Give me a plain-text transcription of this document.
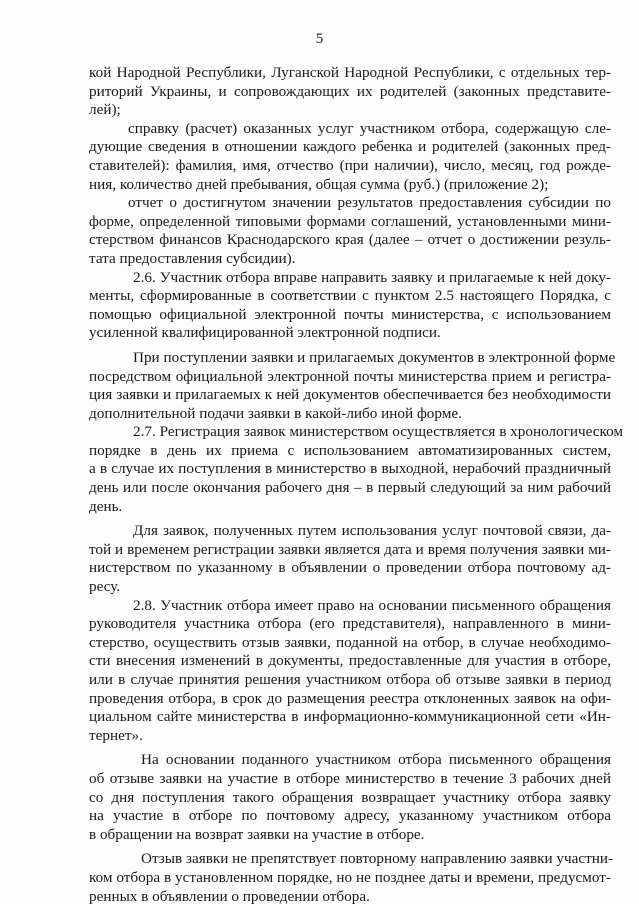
5
кой Народной Республики, Луганской Народной Республики, с отдельных тер-
риторий Украины, и сопровождающих их родителей (законных представите-
лей);
справку (расчет) оказанных услуг участником отбора, содержащую сле-
дующие сведения в отношении каждого ребенка и родителей (законных пред-
ставителей): фамилия, имя, отчество (при наличии), число, месяц, год рожде-
ния, количество дней пребывания, общая сумма (руб.) (приложение 2);
отчет о достигнутом значении результатов предоставления субсидии по
форме, определенной типовыми формами соглашений, установленными мини-
стерством финансов Краснодарского края (далее – отчет о достижении резуль-
тата предоставления субсидии).
2.6. Участник отбора вправе направить заявку и прилагаемые к ней доку-
менты, сформированные в соответствии с пунктом 2.5 настоящего Порядка, с
помощью официальной электронной почты министерства, с использованием
усиленной квалифицированной электронной подписи.
При поступлении заявки и прилагаемых документов в электронной форме
посредством официальной электронной почты министерства прием и регистра-
ция заявки и прилагаемых к ней документов обеспечивается без необходимости
дополнительной подачи заявки в какой-либо иной форме.
2.7. Регистрация заявок министерством осуществляется в хронологическом
порядке в день их приема с использованием автоматизированных систем,
а в случае их поступления в министерство в выходной, нерабочий праздничный
день или после окончания рабочего дня – в первый следующий за ним рабочий
день.
Для заявок, полученных путем использования услуг почтовой связи, да-
той и временем регистрации заявки является дата и время получения заявки ми-
нистерством по указанному в объявлении о проведении отбора почтовому ад-
ресу.
2.8. Участник отбора имеет право на основании письменного обращения
руководителя участника отбора (его представителя), направленного в мини-
стерство, осуществить отзыв заявки, поданной на отбор, в случае необходимо-
сти внесения изменений в документы, предоставленные для участия в отборе,
или в случае принятия решения участником отбора об отзыве заявки в период
проведения отбора, в срок до размещения реестра отклоненных заявок на офи-
циальном сайте министерства в информационно-коммуникационной сети «Ин-
тернет».
На основании поданного участником отбора письменного обращения
об отзыве заявки на участие в отборе министерство в течение 3 рабочих дней
со дня поступления такого обращения возвращает участнику отбора заявку
на участие в отборе по почтовому адресу, указанному участником отбора
в обращении на возврат заявки на участие в отборе.
Отзыв заявки не препятствует повторному направлению заявки участни-
ком отбора в установленном порядке, но не позднее даты и времени, предусмот-
ренных в объявлении о проведении отбора.
